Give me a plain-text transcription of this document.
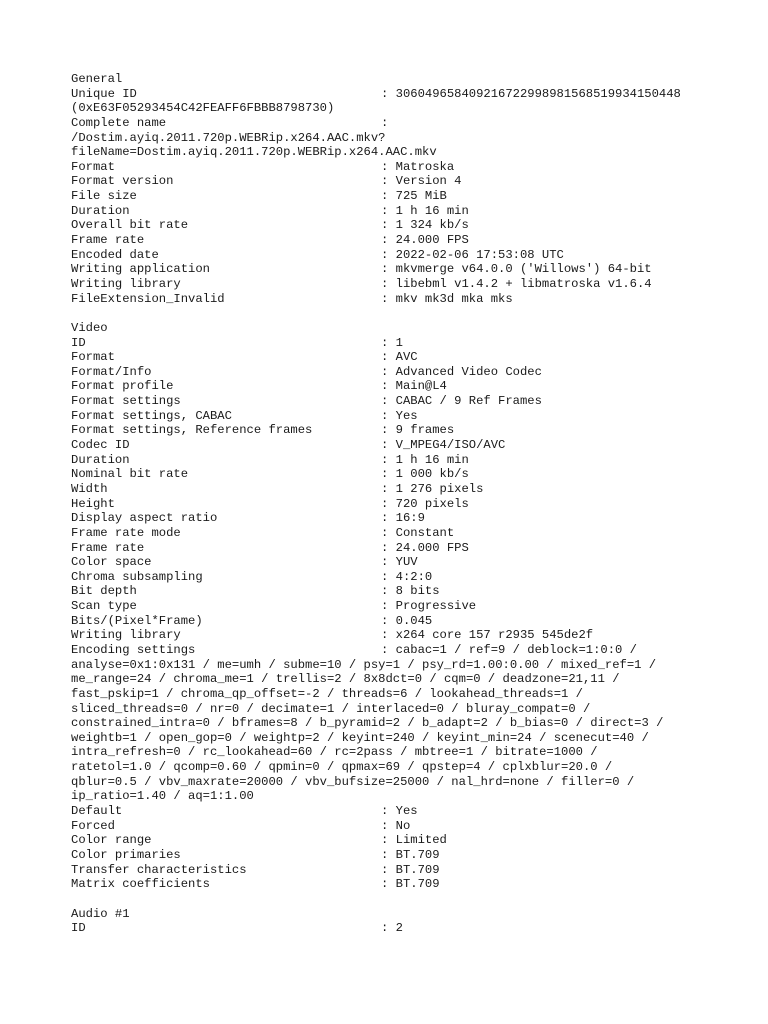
General
Unique ID	: 306049658409216722998981568519934150448
(0xE63F05293454C42FEAFF6FBBB8798730)
Complete name	:
/Dostim.ayiq.2011.720p.WEBRip.x264.AAC.mkv?
fileName=Dostim.ayiq.2011.720p.WEBRip.x264.AAC.mkv
Format	: Matroska
Format version	: Version 4
File size	: 725 MiB
Duration	: 1 h 16 min
Overall bit rate	: 1 324 kb/s
Frame rate	: 24.000 FPS
Encoded date	: 2022-02-06 17:53:08 UTC
Writing application	: mkvmerge v64.0.0 ('Willows') 64-bit
Writing library	: libebml v1.4.2 + libmatroska v1.6.4
FileExtension_Invalid	: mkv mk3d mka mks
Video
ID	: 1
Format	: AVC
Format/Info	: Advanced Video Codec
Format profile	: Main@L4
Format settings	: CABAC / 9 Ref Frames
Format settings, CABAC	: Yes
Format settings, Reference frames	: 9 frames
Codec ID	: V_MPEG4/ISO/AVC
Duration	: 1 h 16 min
Nominal bit rate	: 1 000 kb/s
Width	: 1 276 pixels
Height	: 720 pixels
Display aspect ratio	: 16:9
Frame rate mode	: Constant
Frame rate	: 24.000 FPS
Color space	: YUV
Chroma subsampling	: 4:2:0
Bit depth	: 8 bits
Scan type	: Progressive
Bits/(Pixel*Frame)	: 0.045
Writing library	: x264 core 157 r2935 545de2f
Encoding settings	: cabac=1 / ref=9 / deblock=1:0:0 /
analyse=0x1:0x131 / me=umh / subme=10 / psy=1 / psy_rd=1.00:0.00 / mixed_ref=1 /
me_range=24 / chroma_me=1 / trellis=2 / 8x8dct=0 / cqm=0 / deadzone=21,11 /
fast_pskip=1 / chroma_qp_offset=-2 / threads=6 / lookahead_threads=1 /
sliced_threads=0 / nr=0 / decimate=1 / interlaced=0 / bluray_compat=0 /
constrained_intra=0 / bframes=8 / b_pyramid=2 / b_adapt=2 / b_bias=0 / direct=3 /
weightb=1 / open_gop=0 / weightp=2 / keyint=240 / keyint_min=24 / scenecut=40 /
intra_refresh=0 / rc_lookahead=60 / rc=2pass / mbtree=1 / bitrate=1000 /
ratetol=1.0 / qcomp=0.60 / qpmin=0 / qpmax=69 / qpstep=4 / cplxblur=20.0 /
qblur=0.5 / vbv_maxrate=20000 / vbv_bufsize=25000 / nal_hrd=none / filler=0 /
ip_ratio=1.40 / aq=1:1.00
Default	: Yes
Forced	: No
Color range	: Limited
Color primaries	: BT.709
Transfer characteristics	: BT.709
Matrix coefficients	: BT.709
Audio #1
ID	: 2
